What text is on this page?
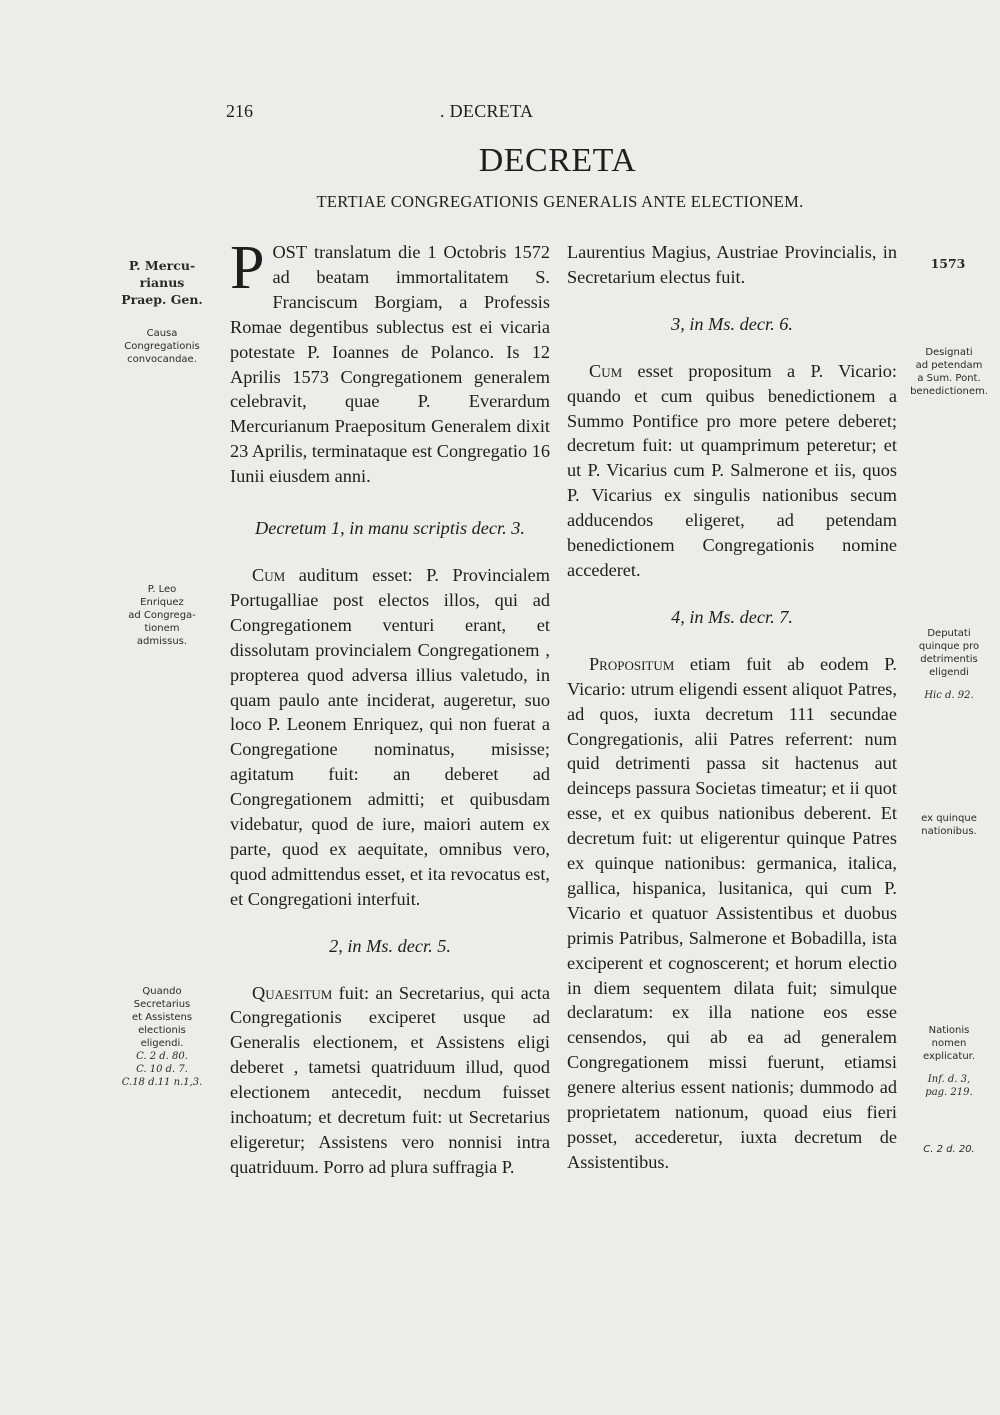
216	. DECRETA
DECRETA
TERTIAE CONGREGATIONIS GENERALIS ANTE ELECTIONEM.
P. Mercu-
rianus
Praep. Gen.
Causa
Congregationis
convocandae.
P. Leo
Enriquez
ad Congrega-
tionem
admissus.
Quando
Secretarius
et Assistens
electionis
eligendi.
C. 2 d. 80.
C. 10 d. 7.
C.18 d.11 n.1,3.
1573
Designati
ad petendam
a Sum. Pont.
benedictionem.
Deputati
quinque pro
detrimentis
eligendi
Hic d. 92.
ex quinque
nationibus.
Nationis
nomen
explicatur.
Inf. d. 3,
pag. 219.
C. 2 d. 20.

POST translatum die 1 Octobris 1572 ad beatam immortalitatem S. Franciscum Borgiam, a Professis Romae degentibus sublectus est ei vicaria potestate P. Ioannes de Polanco. Is 12 Aprilis 1573 Congregationem generalem celebravit, quae P. Everardum Mercurianum Praepositum Generalem dixit 23 Aprilis, terminataque est Congregatio 16 Iunii eiusdem anni.

Decretum 1, in manu scriptis decr. 3.

Cum auditum esset: P. Provincialem Portugalliae post electos illos, qui ad Congregationem venturi erant, et dissolutam provincialem Congregationem , propterea quod adversa illius valetudo, in quam paulo ante inciderat, augeretur, suo loco P. Leonem Enriquez, qui non fuerat a Congregatione nominatus, misisse; agitatum fuit: an deberet ad Congregationem admitti; et quibusdam videbatur, quod de iure, maiori autem ex parte, quod ex aequitate, omnibus vero, quod admittendus esset, et ita revocatus est, et Congregationi interfuit.

2, in Ms. decr. 5.

Quaesitum fuit: an Secretarius, qui acta Congregationis exciperet usque ad Generalis electionem, et Assistens eligi deberet , tametsi quatriduum illud, quod electionem antecedit, necdum fuisset inchoatum; et decretum fuit: ut Secretarius eligeretur; Assistens vero nonnisi intra quatriduum. Porro ad plura suffragia P.

Laurentius Magius, Austriae Provincialis, in Secretarium electus fuit.

3, in Ms. decr. 6.

Cum esset propositum a P. Vicario: quando et cum quibus benedictionem a Summo Pontifice pro more petere deberet; decretum fuit: ut quamprimum peteretur; et ut P. Vicarius cum P. Salmerone et iis, quos P. Vicarius ex singulis nationibus secum adducendos eligeret, ad petendam benedictionem Congregationis nomine accederet.

4, in Ms. decr. 7.

Propositum etiam fuit ab eodem P. Vicario: utrum eligendi essent aliquot Patres, ad quos, iuxta decretum 111 secundae Congregationis, alii Patres referrent: num quid detrimenti passa sit hactenus aut deinceps passura Societas timeatur; et ii quot esse, et ex quibus nationibus deberent. Et decretum fuit: ut eligerentur quinque Patres ex quinque nationibus: germanica, italica, gallica, hispanica, lusitanica, qui cum P. Vicario et quatuor Assistentibus et duobus primis Patribus, Salmerone et Bobadilla, ista exciperent et cognoscerent; et horum electio in diem sequentem dilata fuit; simulque declaratum: ex illa natione eos esse censendos, qui ab ea ad generalem Congregationem missi fuerunt, etiamsi genere alterius essent nationis; dummodo ad proprietatem nationum, quoad eius fieri posset, accederetur, iuxta decretum de Assistentibus.
